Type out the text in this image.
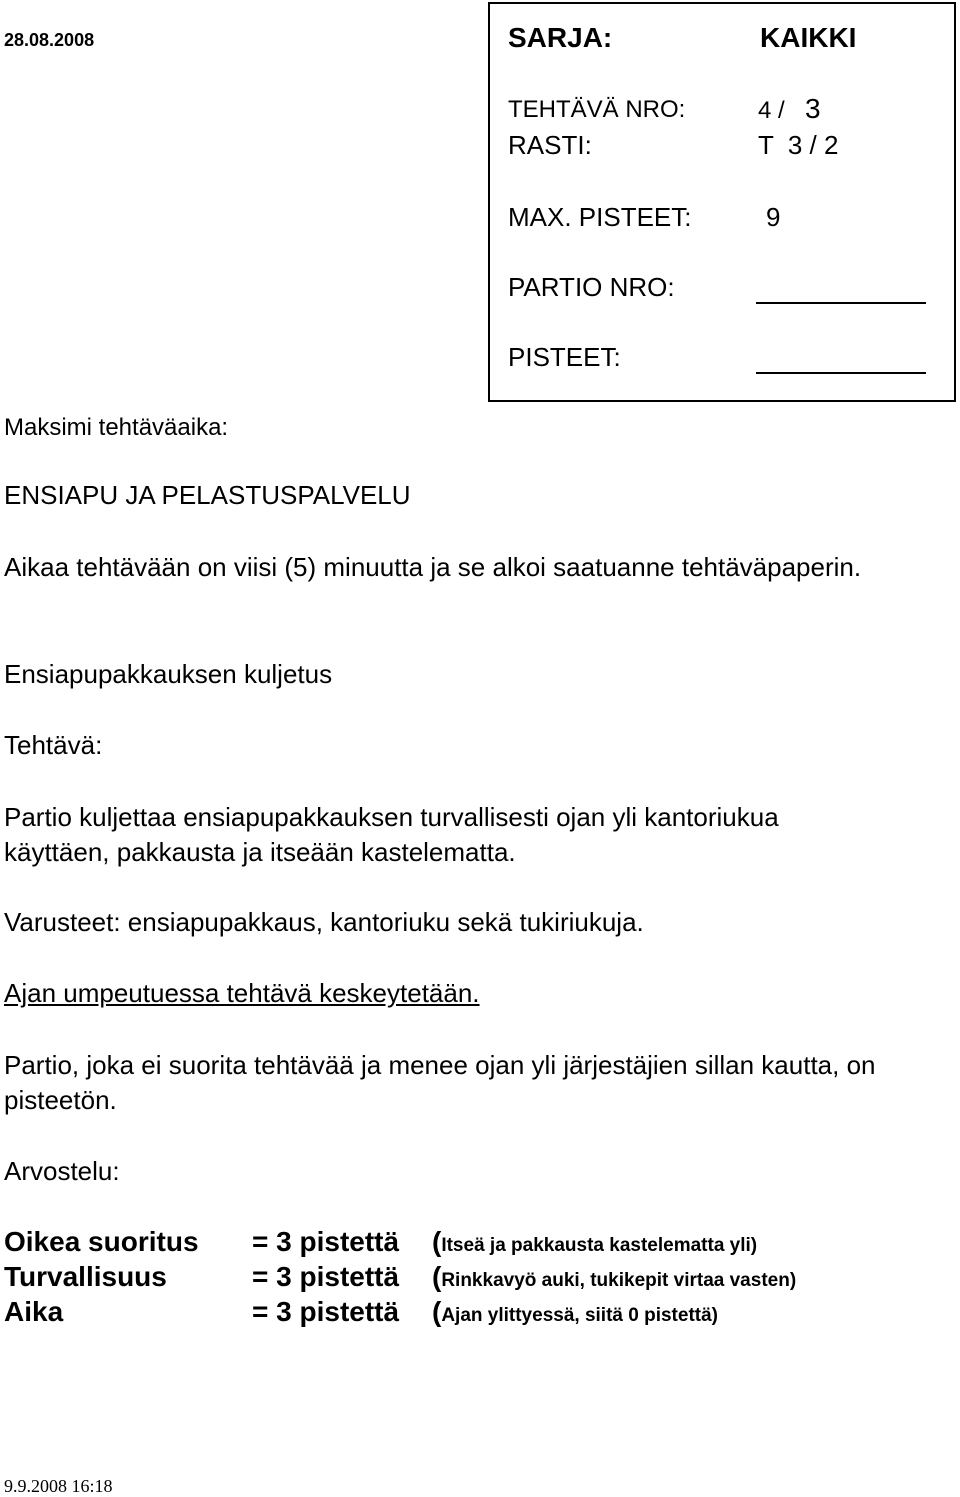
28.08.2008	SARJA:	KAIKKI
TEHTÄVÄ NRO:	4 / 3
RASTI:	T  3 / 2
MAX. PISTEET:	9
PARTIO NRO:
PISTEET:
Maksimi tehtäväaika:
ENSIAPU JA PELASTUSPALVELU
Aikaa tehtävään on viisi (5) minuutta ja se alkoi saatuanne tehtäväpaperin.
Ensiapupakkauksen kuljetus
Tehtävä:
Partio kuljettaa ensiapupakkauksen turvallisesti ojan yli kantoriukua käyttäen, pakkausta ja itseään kastelematta.
Varusteet: ensiapupakkaus, kantoriuku sekä tukiriukuja.
Ajan umpeutuessa tehtävä keskeytetään.
Partio, joka ei suorita tehtävää ja menee ojan yli järjestäjien sillan kautta, on pisteetön.
Arvostelu:
Oikea suoritus = 3 pistettä (Itseä ja pakkausta kastelematta yli)
Turvallisuus	= 3 pistettä (Rinkkavyö auki, tukikepit virtaa vasten)
Aika	= 3 pistettä (Ajan ylittyessä, siitä 0 pistettä)
9.9.2008 16:18
